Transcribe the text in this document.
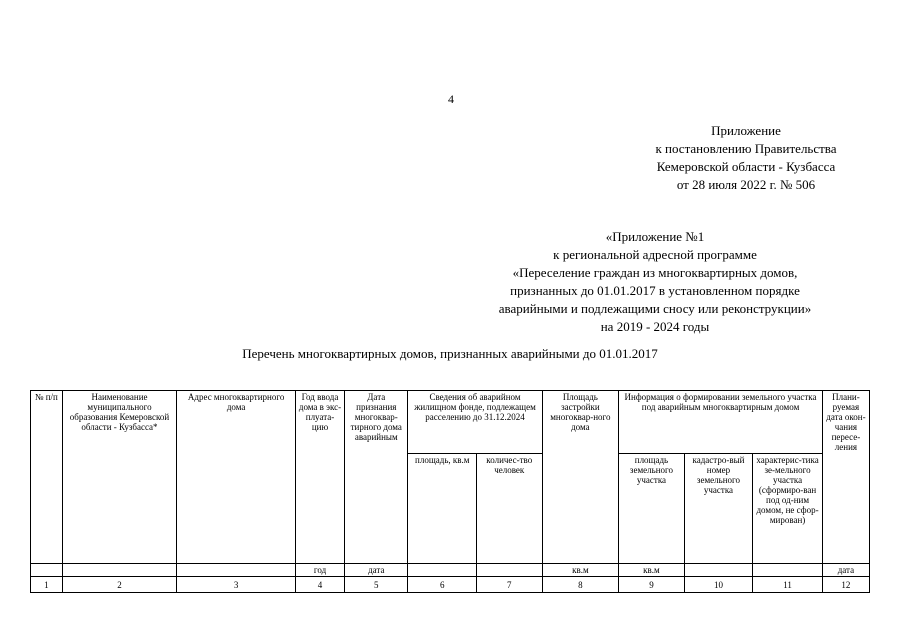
4
Приложение
к постановлению Правительства
Кемеровской области - Кузбасса
от 28 июля 2022 г. № 506
«Приложение №1
к региональной адресной программе
«Переселение граждан из многоквартирных домов,
признанных до 01.01.2017 в установленном порядке
аварийными и подлежащими сносу или реконструкции»
на 2019 - 2024 годы
Перечень многоквартирных домов, признанных аварийными до 01.01.2017
№ п/п	Наименование муниципального образования Кемеровской области - Кузбасса*	Адрес многоквартирного дома	Год ввода дома в экс-плуата-цию	Дата признания многоквар-тирного дома аварийным	Сведения об аварийном жилищном фонде, подлежащем расселению до 31.12.2024		Площадь застройки многоквар-ного дома	Информация о формировании земельного участка под аварийным многоквартирным домом			Плани-руемая дата окон-чания пересе-ления
					площадь, кв.м	количес-тво человек		площадь земельного участка	кадастро-вый номер земельного участка	характерис-тика зе-мельного участка (сформиро-ван под од-ним домом, не сфор-мирован)	
			год	дата			кв.м	кв.м			дата
1	2	3	4	5	6	7	8	9	10	11	12
